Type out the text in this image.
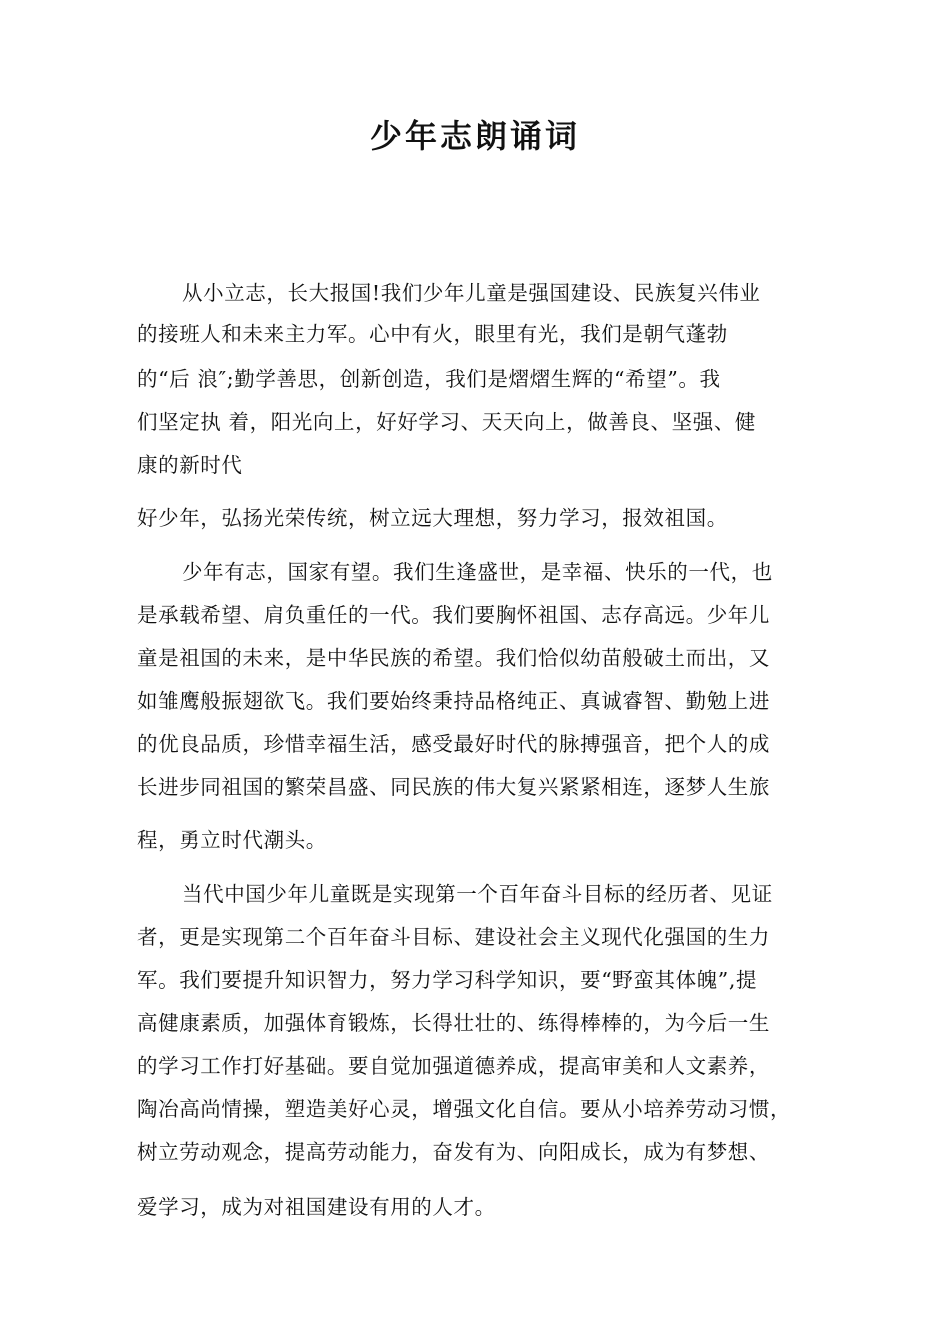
少年志朗诵词
从小立志，长大报国!我们少年儿童是强国建设、民族复兴伟业
的接班人和未来主力军。心中有火，眼里有光，我们是朝气蓬勃
的“后 浪″;勤学善思，创新创造，我们是熠熠生辉的“希望”。我
们坚定执 着，阳光向上，好好学习、天天向上，做善良、坚强、健
康的新时代
好少年，弘扬光荣传统，树立远大理想，努力学习，报效祖国。
少年有志，国家有望。我们生逢盛世，是幸福、快乐的一代，也
是承载希望、肩负重任的一代。我们要胸怀祖国、志存高远。少年儿
童是祖国的未来，是中华民族的希望。我们恰似幼苗般破土而出，又
如雏鹰般振翅欲飞。我们要始终秉持品格纯正、真诚睿智、勤勉上进
的优良品质，珍惜幸福生活，感受最好时代的脉搏强音，把个人的成
长进步同祖国的繁荣昌盛、同民族的伟大复兴紧紧相连，逐梦人生旅
程，勇立时代潮头。
当代中国少年儿童既是实现第一个百年奋斗目标的经历者、见证
者，更是实现第二个百年奋斗目标、建设社会主义现代化强国的生力
军。我们要提升知识智力，努力学习科学知识，要“野蛮其体魄”,提
高健康素质，加强体育锻炼，长得壮壮的、练得棒棒的，为今后一生
的学习工作打好基础。要自觉加强道德养成，提高审美和人文素养，
陶冶高尚情操，塑造美好心灵，增强文化自信。要从小培养劳动习惯，
树立劳动观念，提高劳动能力，奋发有为、向阳成长，成为有梦想、
爱学习，成为对祖国建设有用的人才。
